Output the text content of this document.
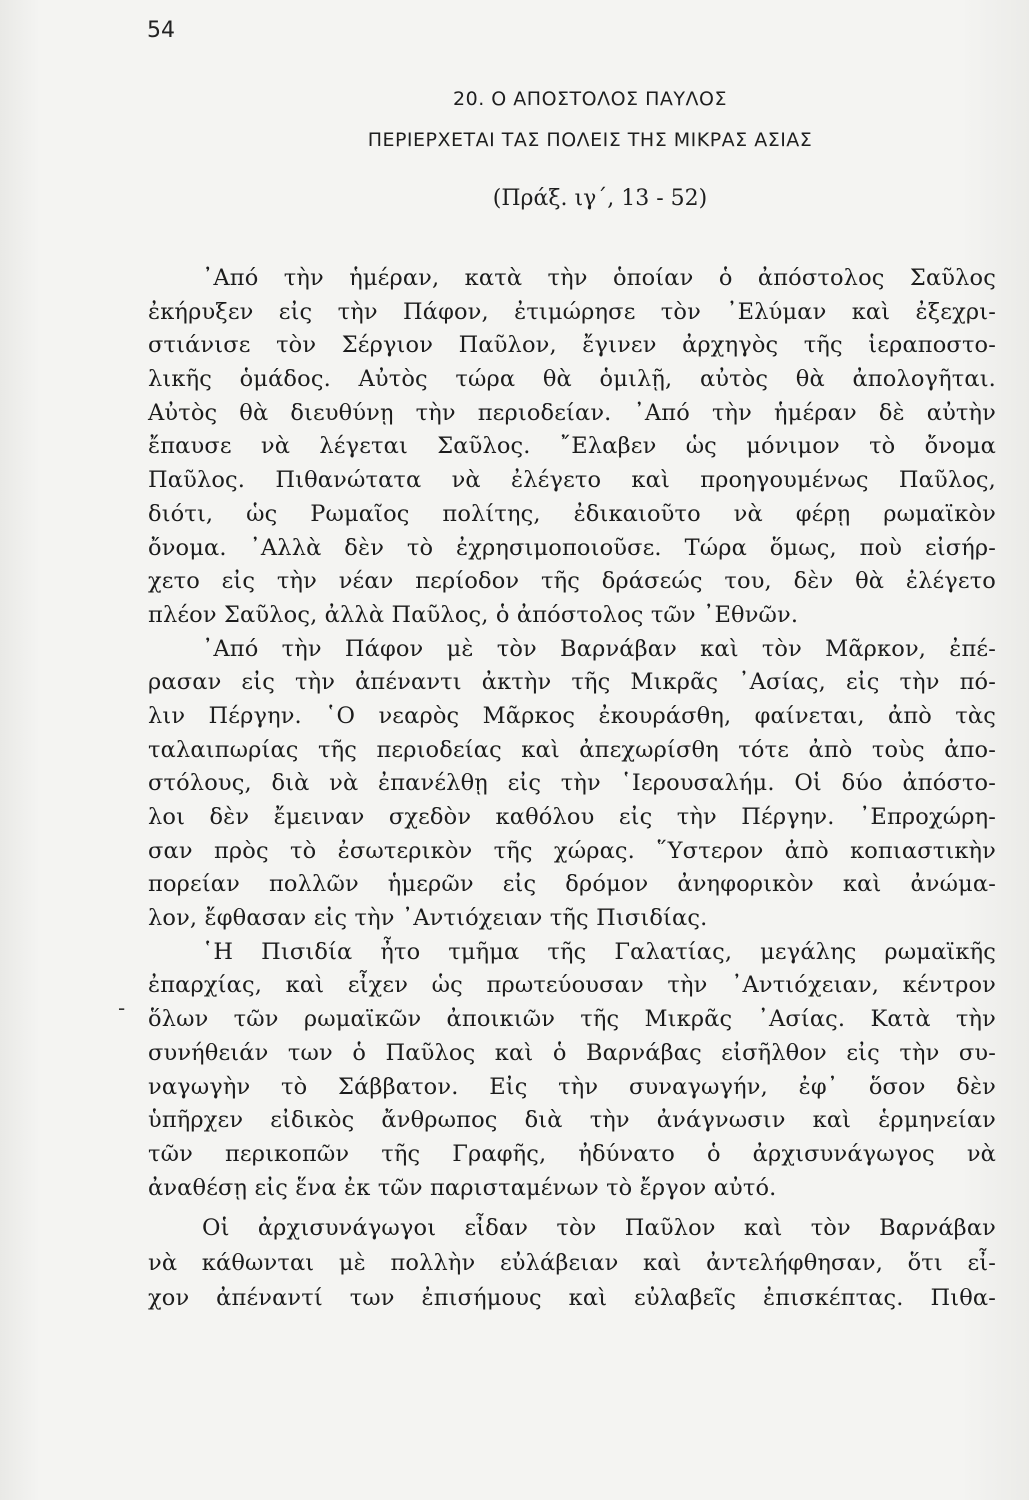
54
20. Ο ΑΠΟΣΤΟΛΟΣ ΠΑΥΛΟΣ
ΠΕΡΙΕΡΧΕΤΑΙ ΤΑΣ ΠΟΛΕΙΣ ΤΗΣ ΜΙΚΡΑΣ ΑΣΙΑΣ
(Πράξ. ιγ΄, 13 - 52)
-
᾿Από τὴν ἡμέραν, κατὰ τὴν ὁποίαν ὁ ἀπόστολος Σαῦλος
ἐκήρυξεν εἰς τὴν Πάφον, ἐτιμώρησε τὸν ᾿Ελύμαν καὶ ἐξεχρι-
στιάνισε τὸν Σέργιον Παῦλον, ἔγινεν ἀρχηγὸς τῆς ἱεραποστο-
λικῆς ὁμάδος. Αὐτὸς τώρα θὰ ὁμιλῇ, αὐτὸς θὰ ἀπολογῆται.
Αὐτὸς θὰ διευθύνῃ τὴν περιοδείαν. ᾿Από τὴν ἡμέραν δὲ αὐτὴν
ἔπαυσε νὰ λέγεται Σαῦλος. ῎Ελαβεν ὡς μόνιμον τὸ ὄνομα
Παῦλος. Πιθανώτατα νὰ ἐλέγετο καὶ προηγουμένως Παῦλος,
διότι, ὡς Ρωμαῖος πολίτης, ἐδικαιοῦτο νὰ φέρῃ ρωμαϊκὸν
ὄνομα. ᾿Αλλὰ δὲν τὸ ἐχρησιμοποιοῦσε. Τώρα ὅμως, ποὺ εἰσήρ-
χετο εἰς τὴν νέαν περίοδον τῆς δράσεώς του, δὲν θὰ ἐλέγετο
πλέον Σαῦλος, ἀλλὰ Παῦλος, ὁ ἀπόστολος τῶν ᾿Εθνῶν.
᾿Από τὴν Πάφον μὲ τὸν Βαρνάβαν καὶ τὸν Μᾶρκον, ἐπέ-
ρασαν εἰς τὴν ἀπέναντι ἀκτὴν τῆς Μικρᾶς ᾿Ασίας, εἰς τὴν πό-
λιν Πέργην. ῾Ο νεαρὸς Μᾶρκος ἐκουράσθη, φαίνεται, ἀπὸ τὰς
ταλαιπωρίας τῆς περιοδείας καὶ ἀπεχωρίσθη τότε ἀπὸ τοὺς ἀπο-
στόλους, διὰ νὰ ἐπανέλθῃ εἰς τὴν ῾Ιερουσαλήμ. Οἱ δύο ἀπόστο-
λοι δὲν ἔμειναν σχεδὸν καθόλου εἰς τὴν Πέργην. ᾿Επροχώρη-
σαν πρὸς τὸ ἐσωτερικὸν τῆς χώρας. ῞Υστερον ἀπὸ κοπιαστικὴν
πορείαν πολλῶν ἡμερῶν εἰς δρόμον ἀνηφορικὸν καὶ ἀνώμα-
λον, ἔφθασαν εἰς τὴν ᾿Αντιόχειαν τῆς Πισιδίας.
῾Η Πισιδία ἦτο τμῆμα τῆς Γαλατίας, μεγάλης ρωμαϊκῆς
ἐπαρχίας, καὶ εἶχεν ὡς πρωτεύουσαν τὴν ᾿Αντιόχειαν, κέντρον
ὅλων τῶν ρωμαϊκῶν ἀποικιῶν τῆς Μικρᾶς ᾿Ασίας. Κατὰ τὴν
συνήθειάν των ὁ Παῦλος καὶ ὁ Βαρνάβας εἰσῆλθον εἰς τὴν συ-
ναγωγὴν τὸ Σάββατον. Εἰς τὴν συναγωγήν, ἐφ᾿ ὅσον δὲν
ὑπῆρχεν εἰδικὸς ἄνθρωπος διὰ τὴν ἀνάγνωσιν καὶ ἑρμηνείαν
τῶν περικοπῶν τῆς Γραφῆς, ἠδύνατο ὁ ἀρχισυνάγωγος νὰ
ἀναθέσῃ εἰς ἕνα ἐκ τῶν παρισταμένων τὸ ἔργον αὐτό.
Οἱ ἀρχισυνάγωγοι εἶδαν τὸν Παῦλον καὶ τὸν Βαρνάβαν
νὰ κάθωνται μὲ πολλὴν εὐλάβειαν καὶ ἀντελήφθησαν, ὅτι εἶ-
χον ἀπέναντί των ἐπισήμους καὶ εὐλαβεῖς ἐπισκέπτας. Πιθα-
